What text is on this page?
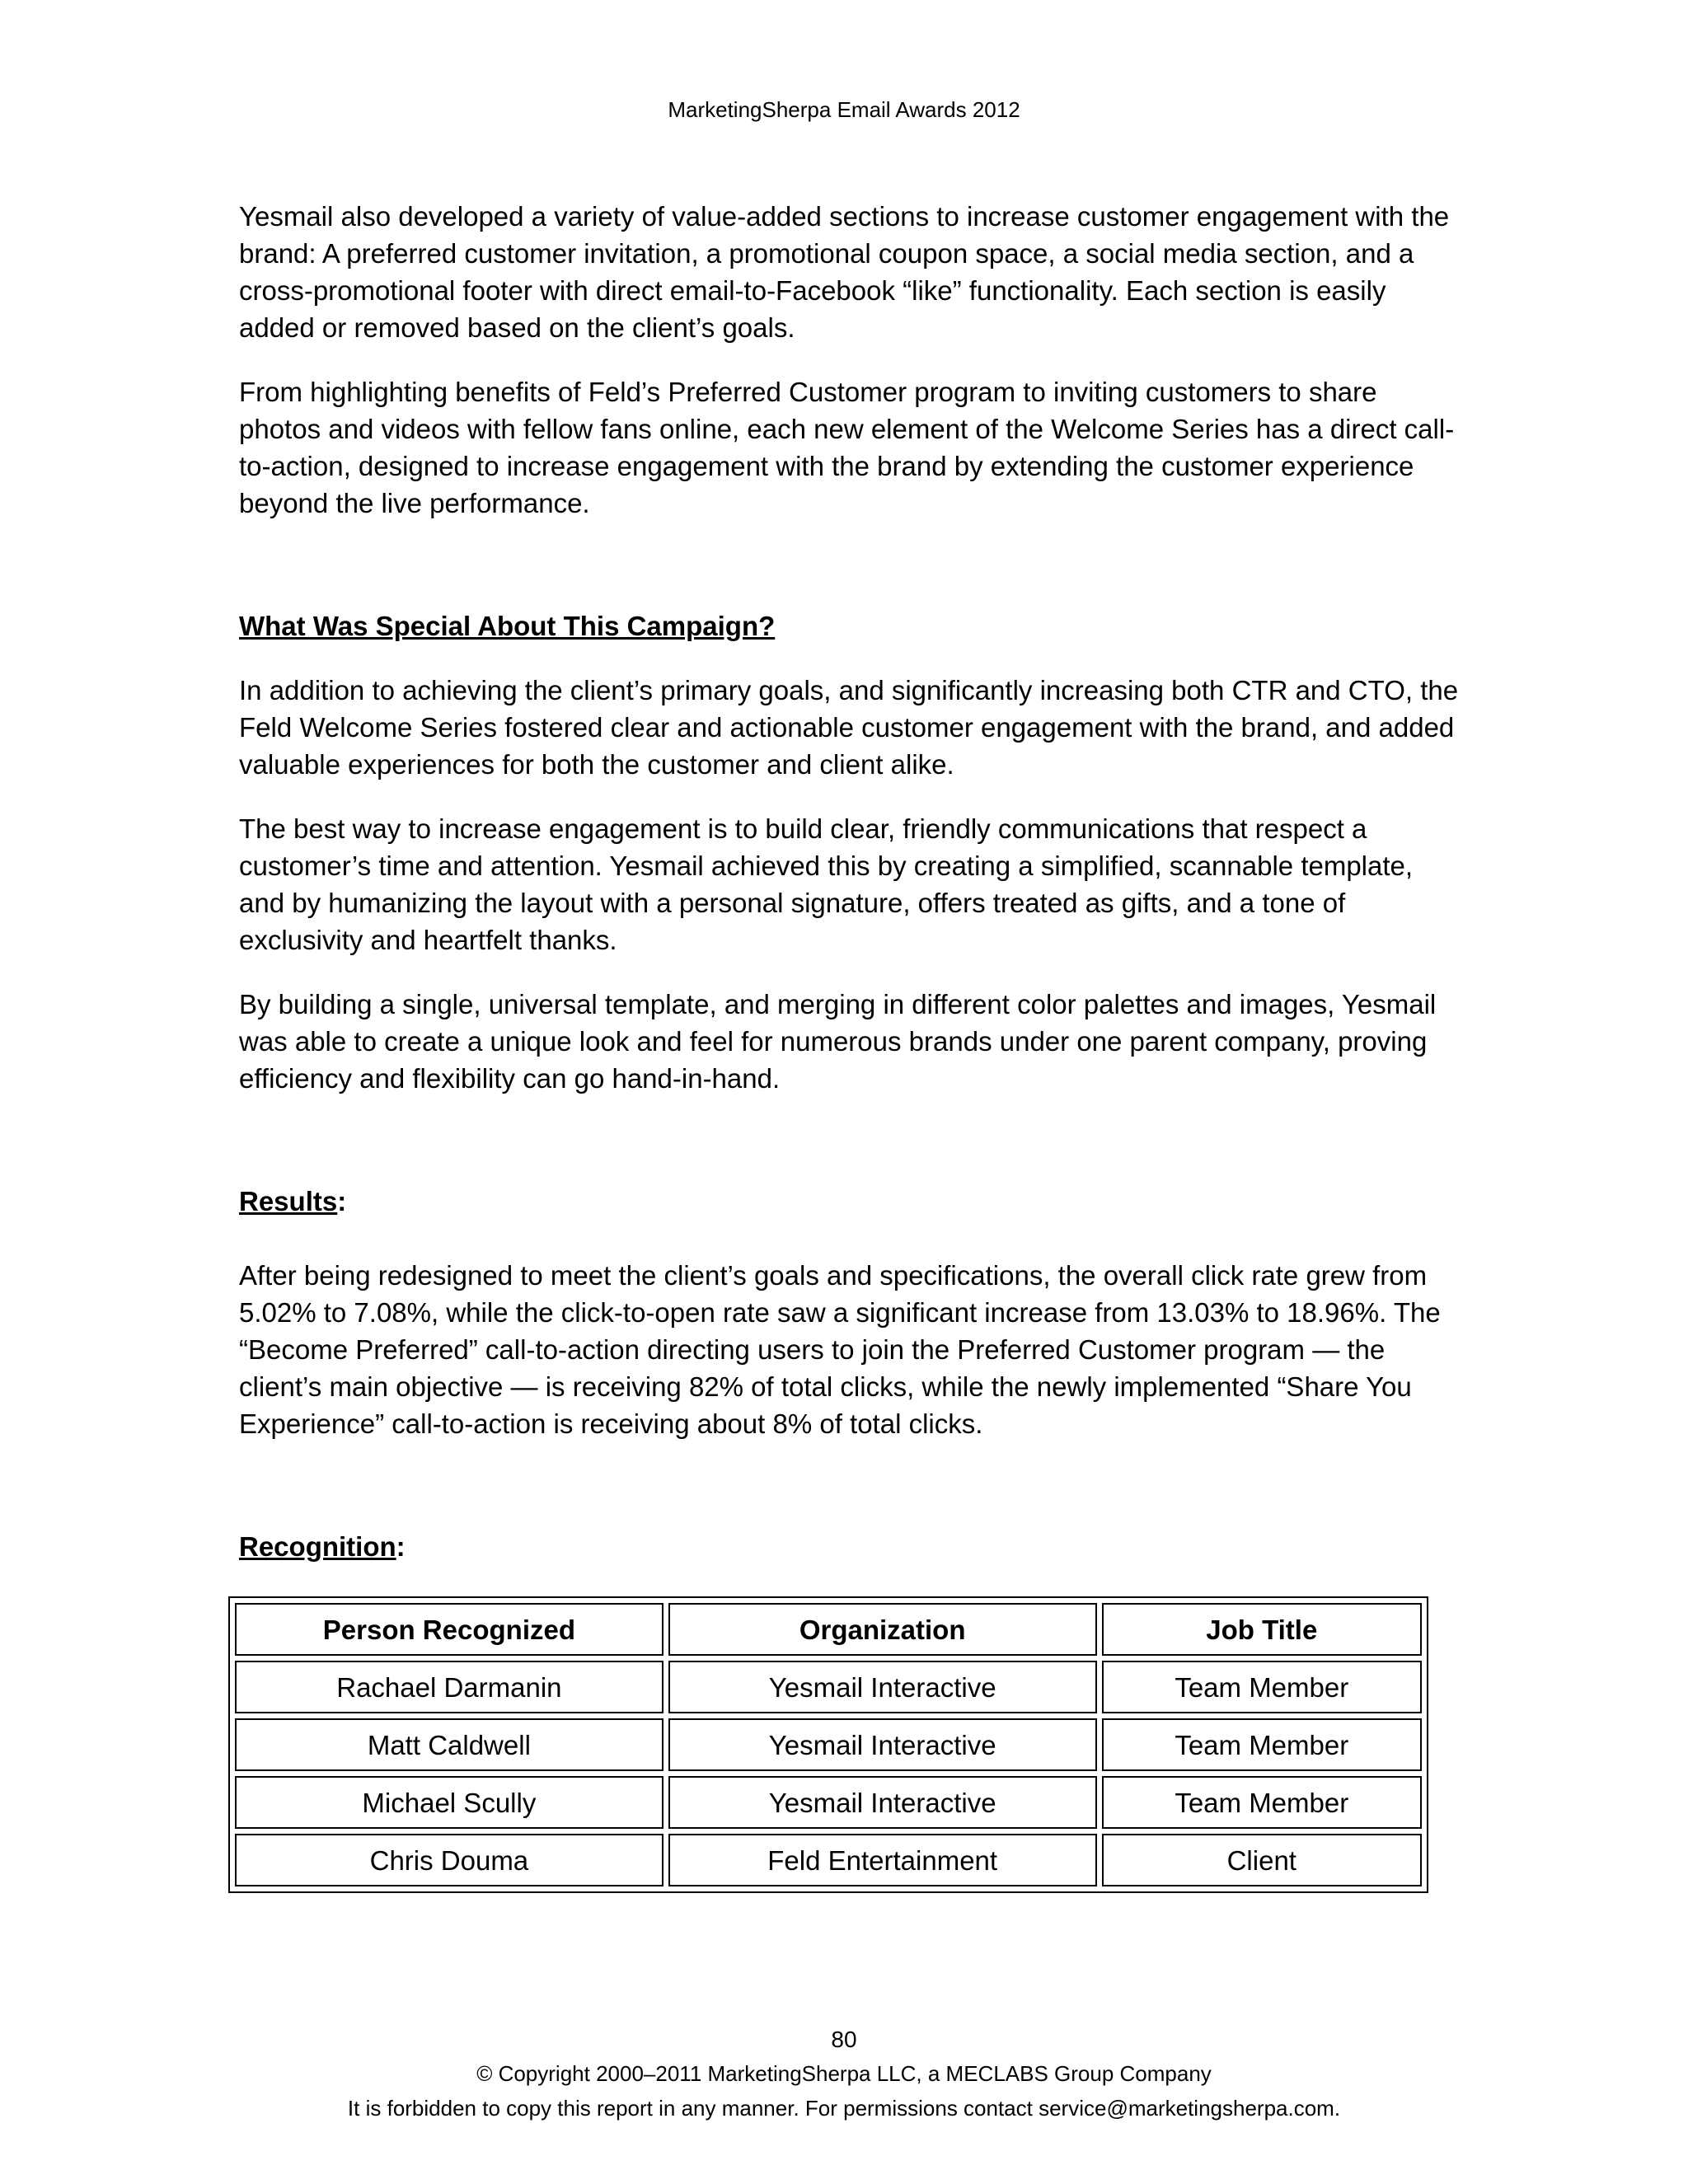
MarketingSherpa Email Awards 2012

Yesmail also developed a variety of value-added sections to increase customer engagement with the brand: A preferred customer invitation, a promotional coupon space, a social media section, and a cross-promotional footer with direct email-to-Facebook “like” functionality. Each section is easily added or removed based on the client’s goals.

From highlighting benefits of Feld’s Preferred Customer program to inviting customers to share photos and videos with fellow fans online, each new element of the Welcome Series has a direct call-to-action, designed to increase engagement with the brand by extending the customer experience beyond the live performance.

What Was Special About This Campaign?

In addition to achieving the client’s primary goals, and significantly increasing both CTR and CTO, the Feld Welcome Series fostered clear and actionable customer engagement with the brand, and added valuable experiences for both the customer and client alike.

The best way to increase engagement is to build clear, friendly communications that respect a customer’s time and attention. Yesmail achieved this by creating a simplified, scannable template, and by humanizing the layout with a personal signature, offers treated as gifts, and a tone of exclusivity and heartfelt thanks.

By building a single, universal template, and merging in different color palettes and images, Yesmail was able to create a unique look and feel for numerous brands under one parent company, proving efficiency and flexibility can go hand-in-hand.

Results:

After being redesigned to meet the client’s goals and specifications, the overall click rate grew from 5.02% to 7.08%, while the click-to-open rate saw a significant increase from 13.03% to 18.96%. The “Become Preferred” call-to-action directing users to join the Preferred Customer program — the client’s main objective — is receiving 82% of total clicks, while the newly implemented “Share You Experience” call-to-action is receiving about 8% of total clicks.

Recognition:

Person Recognized	Organization	Job Title
Rachael Darmanin	Yesmail Interactive	Team Member
Matt Caldwell	Yesmail Interactive	Team Member
Michael Scully	Yesmail Interactive	Team Member
Chris Douma	Feld Entertainment	Client
80
© Copyright 2000–2011 MarketingSherpa LLC, a MECLABS Group Company
It is forbidden to copy this report in any manner. For permissions contact service@marketingsherpa.com.
